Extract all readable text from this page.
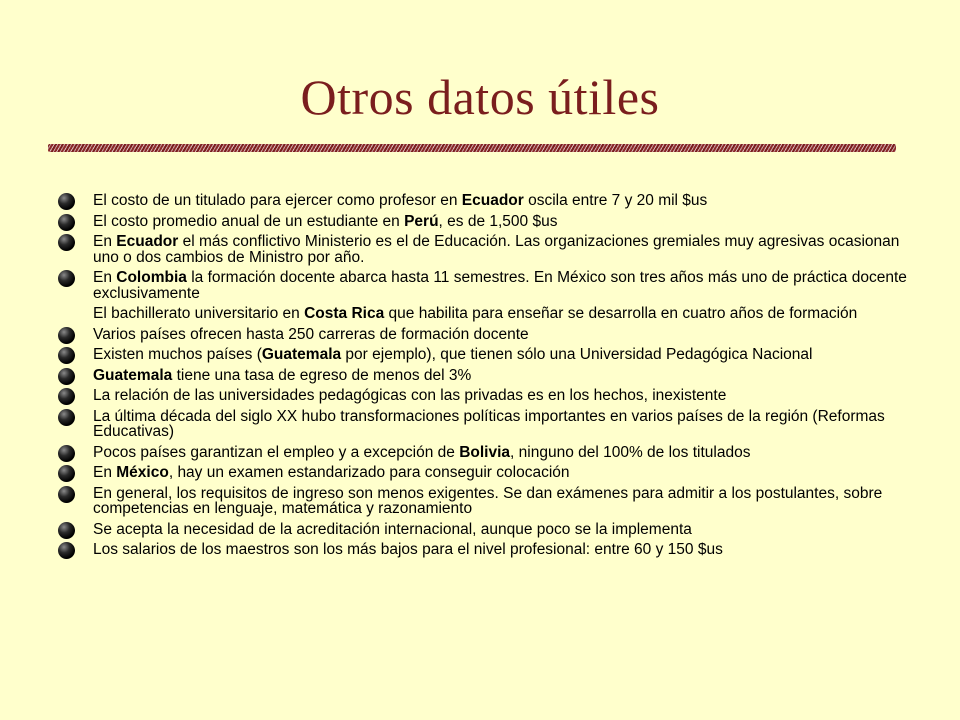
Otros datos útiles
El costo de un titulado para ejercer como profesor en Ecuador oscila entre 7 y 20 mil $us
El costo promedio anual de un estudiante en Perú, es de 1,500 $us
En Ecuador el más conflictivo Ministerio es el de Educación. Las organizaciones gremiales muy agresivas ocasionan uno o dos cambios de Ministro por año.
En Colombia la formación docente abarca hasta 11 semestres. En México son tres años más uno de práctica docente exclusivamente
El bachillerato universitario en Costa Rica que habilita para enseñar se desarrolla en cuatro años de formación
Varios países ofrecen hasta 250 carreras de formación docente
Existen muchos países (Guatemala por ejemplo), que tienen sólo una Universidad Pedagógica Nacional
Guatemala tiene una tasa de egreso de menos del 3%
La relación de las universidades pedagógicas con las privadas es en los hechos, inexistente
La última década del siglo XX hubo transformaciones políticas importantes en varios países de la región (Reformas Educativas)
Pocos países garantizan el empleo y a excepción de Bolivia, ninguno del 100% de los titulados
En México, hay un examen estandarizado para conseguir colocación
En general, los requisitos de ingreso son menos exigentes. Se dan exámenes para admitir a los postulantes, sobre competencias en lenguaje, matemática y razonamiento
Se acepta la necesidad de la acreditación internacional, aunque poco se la implementa
Los salarios de los maestros son los más bajos para el nivel profesional: entre 60 y 150 $us
